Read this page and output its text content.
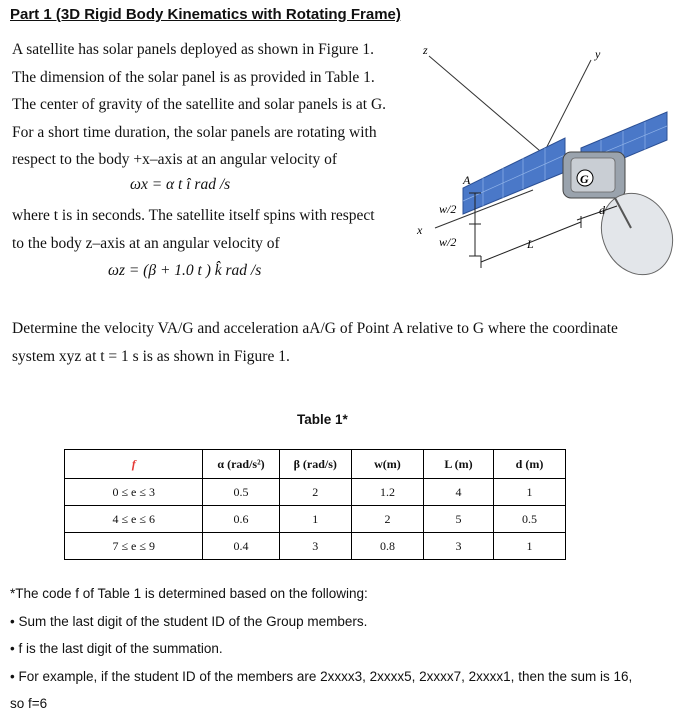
Part 1 (3D Rigid Body Kinematics with Rotating Frame)
A satellite has solar panels deployed as shown in Figure 1.
The dimension of the solar panel is as provided in Table 1.
The center of gravity of the satellite and solar panels is at G.
For a short time duration, the solar panels are rotating with
respect to the body +x–axis at an angular velocity of
ωx = α t î rad /s
where t is in seconds. The satellite itself spins with respect
to the body z–axis at an angular velocity of
ωz = (β + 1.0 t ) k̂ rad /s
z	y
x
G
A
w/2
w/2	L
d
Determine the velocity VA/G and acceleration aA/G of Point A relative to G where the coordinate
system xyz at t = 1 s is as shown in Figure 1.
Table 1*
f	α (rad/s²)	β (rad/s)	w(m)	L (m)	d (m)
0 ≤ e ≤ 3	0.5	2	1.2	4	1
4 ≤ e ≤ 6	0.6	1	2	5	0.5
7 ≤ e ≤ 9	0.4	3	0.8	3	1
*The code f of Table 1 is determined based on the following:
• Sum the last digit of the student ID of the Group members.
• f is the last digit of the summation.
• For example, if the student ID of the members are 2xxxx3, 2xxxx5, 2xxxx7, 2xxxx1, then the sum is 16,
so f=6
